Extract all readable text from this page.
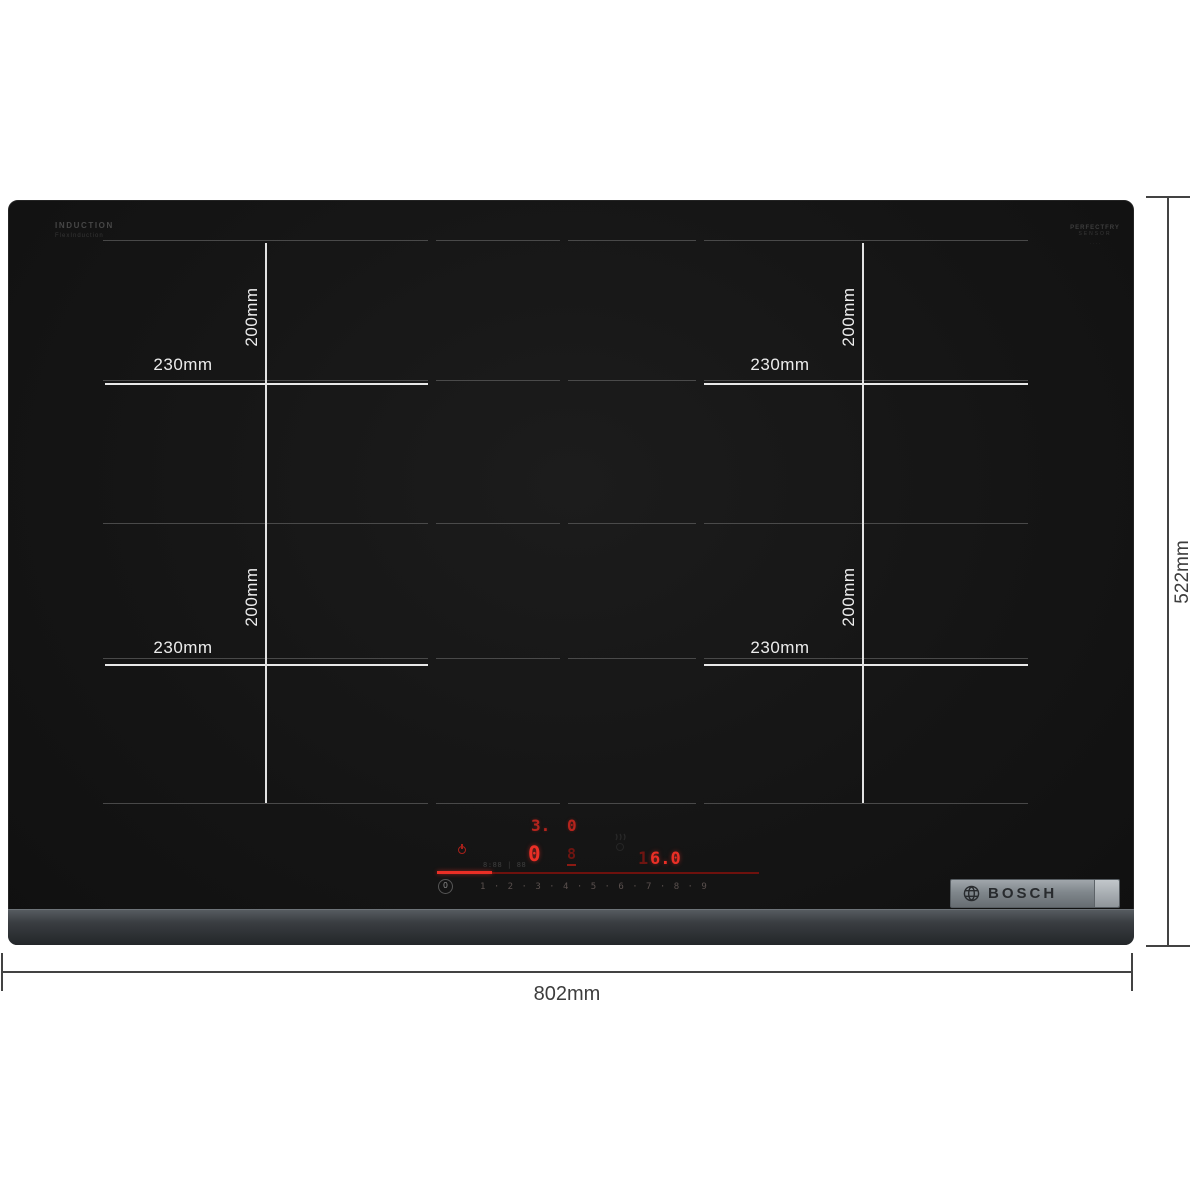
INDUCTION
FlexInduction
PERFECTFRY
SENSOR
· · · ·
230mm	230mm
230mm	230mm
200mm	200mm
200mm	200mm
8:88 | 88
3. 0
0 8	1 6.0
0	1 · 2 · 3 · 4 · 5 · 6 · 7 · 8 · 9	BOSCH
522mm
802mm
